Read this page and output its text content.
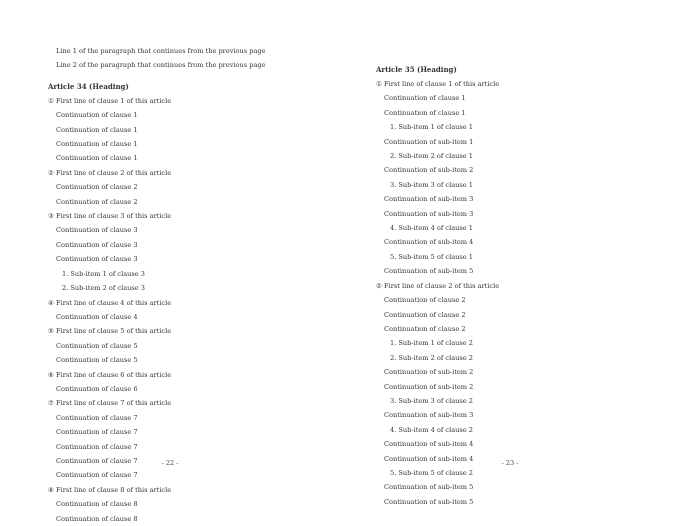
Line 1 of the paragraph that continues from the previous page
Line 2 of the paragraph that continues from the previous page
Article 34 (Heading)
① First line of clause 1 of this article
Continuation of clause 1
Continuation of clause 1
Continuation of clause 1
Continuation of clause 1
② First line of clause 2 of this article
Continuation of clause 2
Continuation of clause 2
③ First line of clause 3 of this article
Continuation of clause 3
Continuation of clause 3
Continuation of clause 3
1. Sub-item 1 of clause 3
2. Sub-item 2 of clause 3
④ First line of clause 4 of this article
Continuation of clause 4
⑤ First line of clause 5 of this article
Continuation of clause 5
Continuation of clause 5
⑥ First line of clause 6 of this article
Continuation of clause 6
⑦ First line of clause 7 of this article
Continuation of clause 7
Continuation of clause 7
Continuation of clause 7
Continuation of clause 7
Continuation of clause 7
⑧ First line of clause 8 of this article
Continuation of clause 8
Continuation of clause 8
- 22 -
Article 35 (Heading)
① First line of clause 1 of this article
Continuation of clause 1
Continuation of clause 1
1. Sub-item 1 of clause 1
Continuation of sub-item 1
2. Sub-item 2 of clause 1
Continuation of sub-item 2
3. Sub-item 3 of clause 1
Continuation of sub-item 3
Continuation of sub-item 3
4. Sub-item 4 of clause 1
Continuation of sub-item 4
5. Sub-item 5 of clause 1
Continuation of sub-item 5
② First line of clause 2 of this article
Continuation of clause 2
Continuation of clause 2
Continuation of clause 2
1. Sub-item 1 of clause 2
2. Sub-item 2 of clause 2
Continuation of sub-item 2
Continuation of sub-item 2
3. Sub-item 3 of clause 2
Continuation of sub-item 3
4. Sub-item 4 of clause 2
Continuation of sub-item 4
Continuation of sub-item 4
5. Sub-item 5 of clause 2
Continuation of sub-item 5
Continuation of sub-item 5
- 23 -
